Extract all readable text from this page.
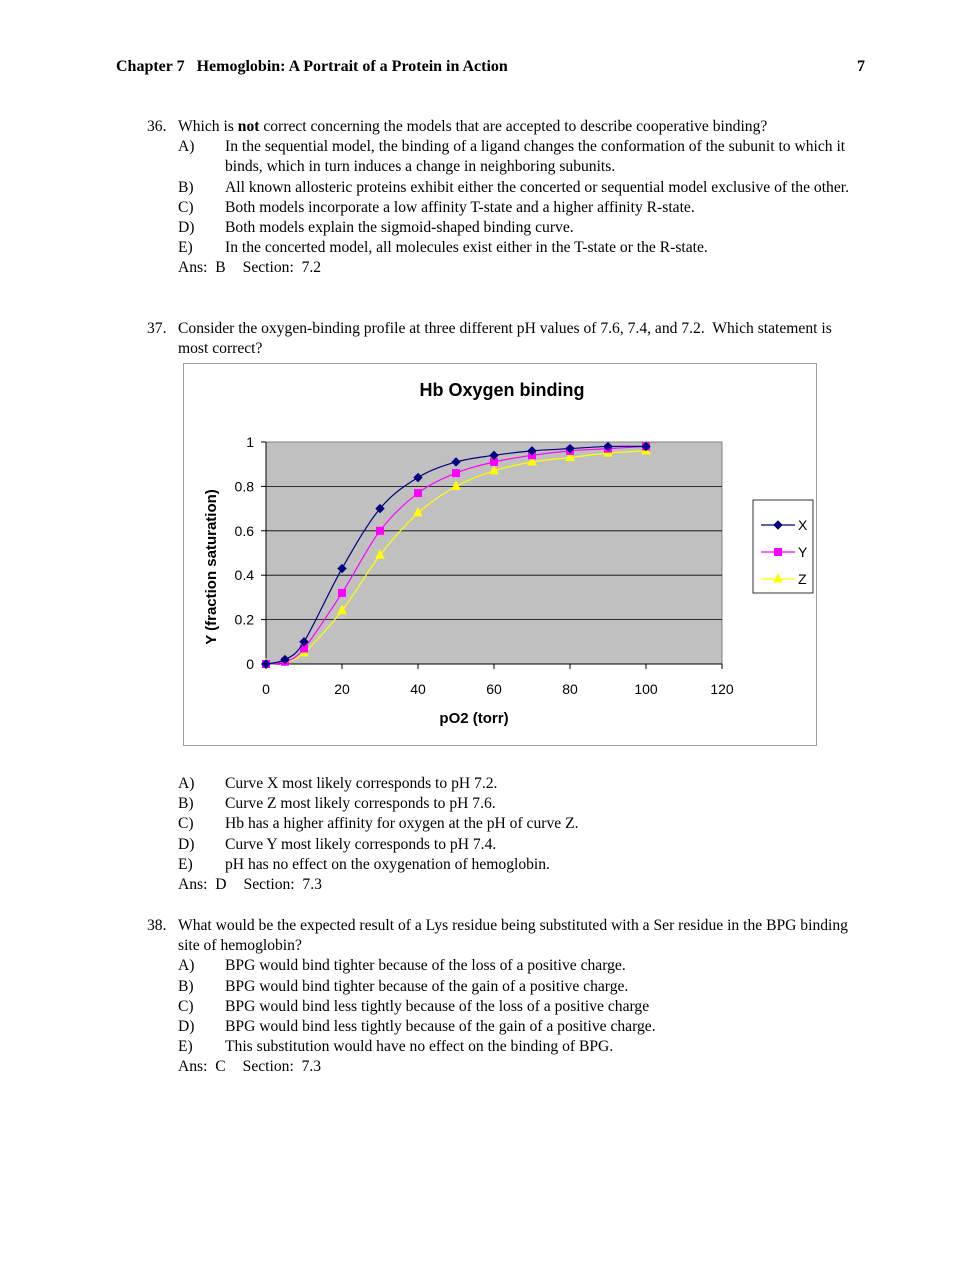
Chapter 7   Hemoglobin: A Portrait of a Protein in Action	7
36. Which is not correct concerning the models that are accepted to describe cooperative binding?
A)	In the sequential model, the binding of a ligand changes the conformation of the subunit to which it binds, which in turn induces a change in neighboring subunits.
B)	All known allosteric proteins exhibit either the concerted or sequential model exclusive of the other.
C)	Both models incorporate a low affinity T-state and a higher affinity R-state.
D)	Both models explain the sigmoid-shaped binding curve.
E)	In the concerted model, all molecules exist either in the T-state or the R-state.
Ans:  B Section:  7.2
37. Consider the oxygen-binding profile at three different pH values of 7.6, 7.4, and 7.2.  Which statement is most correct?
Hb Oxygen binding
0
0.2
0.4
0.6
0.8
1
0	20	40	60	80	100	120
pO2 (torr)
Y (fraction saturation)	X
Y
Z
A)	Curve X most likely corresponds to pH 7.2.
B)	Curve Z most likely corresponds to pH 7.6.
C)	Hb has a higher affinity for oxygen at the pH of curve Z.
D)	Curve Y most likely corresponds to pH 7.4.
E)	pH has no effect on the oxygenation of hemoglobin.
Ans:  D Section:  7.3
38. What would be the expected result of a Lys residue being substituted with a Ser residue in the BPG binding site of hemoglobin?
A)	BPG would bind tighter because of the loss of a positive charge.
B)	BPG would bind tighter because of the gain of a positive charge.
C)	BPG would bind less tightly because of the loss of a positive charge
D)	BPG would bind less tightly because of the gain of a positive charge.
E)	This substitution would have no effect on the binding of BPG.
Ans:  C Section:  7.3
